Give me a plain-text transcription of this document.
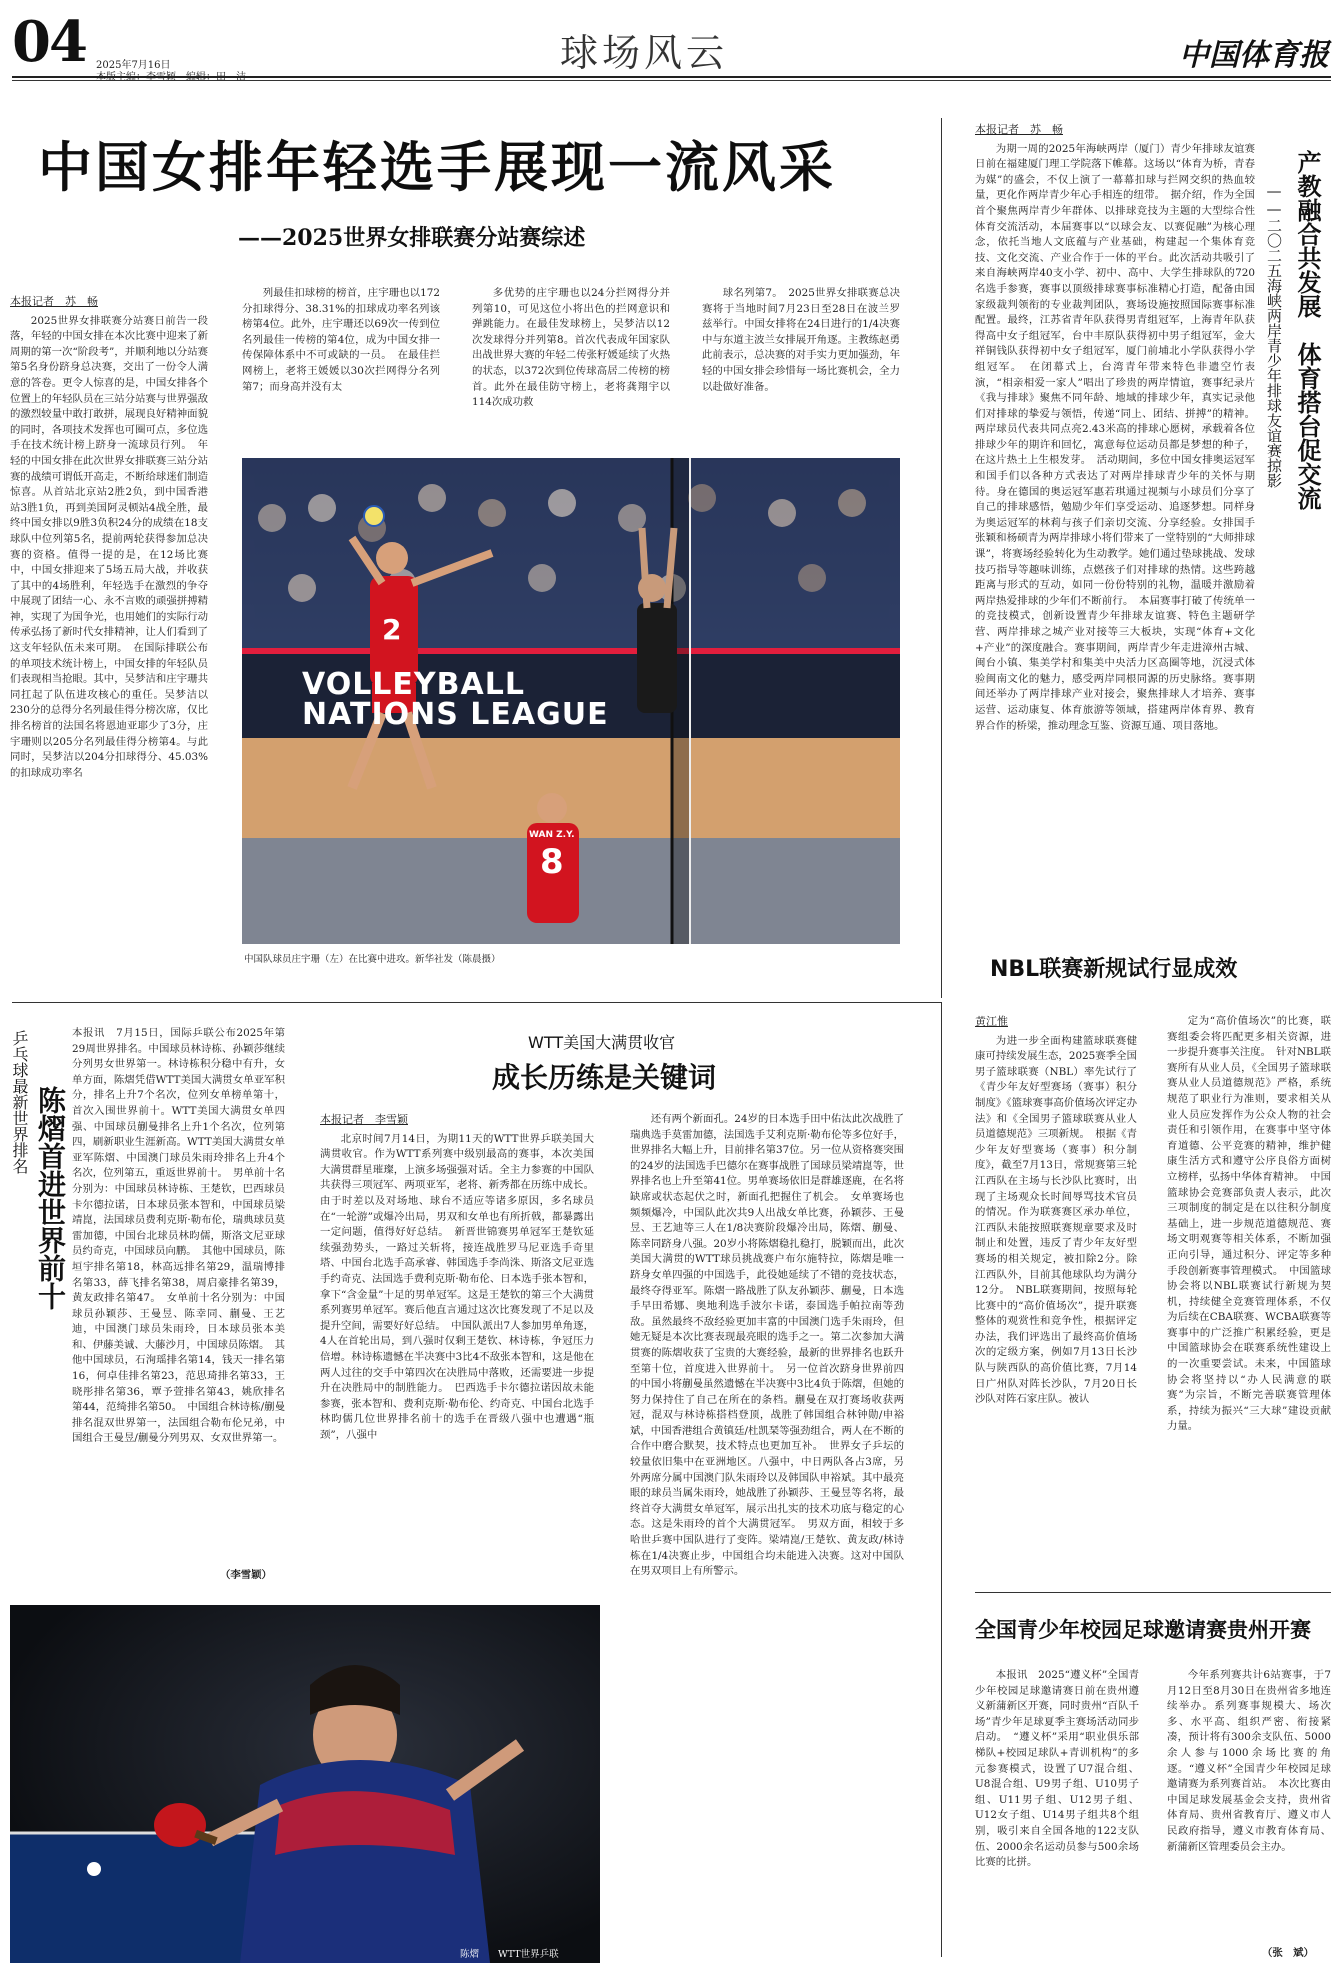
04 2025年7月16日
本版主编：李雪颖　编辑：田　洁
球场风云	中国体育报
中国女排年轻选手展现一流风采
——2025世界女排联赛分站赛综述
本报记者　苏　畅

2025世界女排联赛分站赛日前告一段落，年轻的中国女排在本次比赛中迎来了新周期的第一次“阶段考”，并顺利地以分站赛第5名身份跻身总决赛，交出了一份令人满意的答卷。更令人惊喜的是，中国女排各个位置上的年轻队员在三站分站赛与世界强敌的激烈较量中敢打敢拼，展现良好精神面貌的同时，各项技术发挥也可圈可点，多位选手在技术统计榜上跻身一流球员行列。　年轻的中国女排在此次世界女排联赛三站分站赛的战绩可谓低开高走，不断给球迷们制造惊喜。从首站北京站2胜2负，到中国香港站3胜1负，再到美国阿灵顿站4战全胜，最终中国女排以9胜3负积24分的成绩在18支球队中位列第5名，提前两轮获得参加总决赛的资格。值得一提的是，在12场比赛中，中国女排迎来了5场五局大战，并收获了其中的4场胜利，年轻选手在激烈的争夺中展现了团结一心、永不言败的顽强拼搏精神，实现了为国争光，也用她们的实际行动传承弘扬了新时代女排精神，让人们看到了这支年轻队伍未来可期。　在国际排联公布的单项技术统计榜上，中国女排的年轻队员们表现相当抢眼。其中，吴梦洁和庄宇珊共同扛起了队伍进攻核心的重任。吴梦洁以230分的总得分名列最佳得分榜次席，仅比排名榜首的法国名将恩迪亚耶少了3分，庄宇珊则以205分名列最佳得分榜第4。与此同时，吴梦洁以204分扣球得分、45.03%的扣球成功率名

列最佳扣球榜的榜首，庄宇珊也以172分扣球得分、38.31%的扣球成功率名列该榜第4位。此外，庄宇珊还以69次一传到位名列最佳一传榜的第4位，成为中国女排一传保障体系中不可或缺的一员。　在最佳拦网榜上，老将王媛媛以30次拦网得分名列第7；而身高并没有太

多优势的庄宇珊也以24分拦网得分并列第10，可见这位小将出色的拦网意识和弹跳能力。在最佳发球榜上，吴梦洁以12次发球得分并列第8。首次代表成年国家队出战世界大赛的年轻二传张籽媛延续了火热的状态，以372次到位传球高居二传榜的榜首。此外在最佳防守榜上，老将龚翔宇以114次成功救

球名列第7。　2025世界女排联赛总决赛将于当地时间7月23日至28日在波兰罗兹举行。中国女排将在24日进行的1/4决赛中与东道主波兰女排展开角逐。主教练赵勇此前表示，总决赛的对手实力更加强劲，年轻的中国女排会珍惜每一场比赛机会，全力以赴做好准备。

VOLLEYBALL NATIONS LEAGUE
2
WAN Z.Y.
8
中国队球员庄宇珊（左）在比赛中进攻。新华社发（陈晨摄）
本报记者　苏　畅

为期一周的2025年海峡两岸（厦门）青少年排球友谊赛日前在福建厦门理工学院落下帷幕。这场以“体育为桥，青春为媒”的盛会，不仅上演了一幕幕扣球与拦网交织的热血较量，更化作两岸青少年心手相连的纽带。　据介绍，作为全国首个聚焦两岸青少年群体、以排球竞技为主题的大型综合性体育交流活动，本届赛事以“以球会友、以赛促融”为核心理念，依托当地人文底蕴与产业基础，构建起一个集体育竞技、文化交流、产业合作于一体的平台。此次活动共吸引了来自海峡两岸40支小学、初中、高中、大学生排球队的720名选手参赛，赛事以顶级排球赛事标准精心打造，配备由国家级裁判领衔的专业裁判团队，赛场设施按照国际赛事标准配置。最终，江苏省青年队获得男青组冠军，上海青年队获得高中女子组冠军，台中丰原队获得初中男子组冠军，金大祥铜钱队获得初中女子组冠军，厦门前埔北小学队获得小学组冠军。　在闭幕式上，台湾青年带来特色非遗空竹表演，“相亲相爱一家人”唱出了珍贵的两岸情谊，赛事纪录片《我与排球》聚焦不同年龄、地域的排球少年，真实记录他们对排球的挚爱与领悟，传递“同上、团结、拼搏”的精神。两岸球员代表共同点亮2.43米高的排球心愿树，承载着各位排球少年的期许和回忆，寓意每位运动员都是梦想的种子，在这片热土上生根发芽。　活动期间，多位中国女排奥运冠军和国手们以各种方式表达了对两岸排球青少年的关怀与期待。身在德国的奥运冠军惠若琪通过视频与小球员们分享了自己的排球感悟，勉励少年们享受运动、追逐梦想。同样身为奥运冠军的林莉与孩子们亲切交流、分享经验。女排国手张颖和杨硕青为两岸排球小将们带来了一堂特别的“大师排球课”，将赛场经验转化为生动教学。她们通过垫球挑战、发球技巧指导等趣味训练，点燃孩子们对排球的热情。这些跨越距离与形式的互动，如同一份份特别的礼物，温暖并激励着两岸热爱排球的少年们不断前行。　本届赛事打破了传统单一的竞技模式，创新设置青少年排球友谊赛、特色主题研学营、两岸排球之城产业对接等三大板块，实现“体育+文化+产业”的深度融合。赛事期间，两岸青少年走进漳州古城、闽台小镇、集美学村和集美中央活力区高圈等地，沉浸式体验闽南文化的魅力，感受两岸同根同源的历史脉络。赛事期间还举办了两岸排球产业对接会，聚焦排球人才培养、赛事运营、运动康复、体育旅游等领域，搭建两岸体育界、教育界合作的桥梁，推动理念互鉴、资源互通、项目落地。

产教融合共发展　体育搭台促交流
——二〇二五海峡两岸青少年排球友谊赛掠影
乒乓球最新世界排名 陈熠首进世界前十

本报讯　7月15日，国际乒联公布2025年第29周世界排名。中国球员林诗栋、孙颖莎继续分列男女世界第一。林诗栋积分稳中有升，女单方面，陈熠凭借WTT美国大满贯女单亚军积分，排名上升7个名次，位列女单榜单第十，首次入围世界前十。WTT美国大满贯女单四强、中国球员蒯曼排名上升1个名次，位列第四，刷新职业生涯新高。WTT美国大满贯女单亚军陈熠、中国澳门球员朱雨玲排名上升4个名次，位列第五，重返世界前十。　男单前十名分别为：中国球员林诗栋、王楚钦，巴西球员卡尔德拉诺，日本球员张本智和，中国球员梁靖崑，法国球员费利克斯·勒布伦，瑞典球员莫雷加德，中国台北球员林昀儒，斯洛文尼亚球员约奇克，中国球员向鹏。　其他中国球员，陈垣宇排名第18，林高远排名第29，温瑞博排名第33，薛飞排名第38，周启豪排名第39，黄友政排名第47。　女单前十名分别为：中国球员孙颖莎、王曼昱、陈幸同、蒯曼、王艺迪，中国澳门球员朱雨玲，日本球员张本美和、伊藤美诚、大藤沙月，中国球员陈熠。　其他中国球员，石洵瑶排名第14，钱天一排名第16，何卓佳排名第23，范思琦排名第33，王晓彤排名第36，覃予萱排名第43，姚欣排名第44，范绮排名第50。　中国组合林诗栋/蒯曼排名混双世界第一，法国组合勒布伦兄弟，中国组合王曼昱/蒯曼分列男双、女双世界第一。

（李雪颖）
WTT美国大满贯收官
成长历练是关键词
本报记者　李雪颖

北京时间7月14日，为期11天的WTT世界乒联美国大满贯收官。作为WTT系列赛中级别最高的赛事，本次美国大满贯群星璀璨，上演多场强强对话。全主力参赛的中国队共获得三项冠军、两项亚军，老将、新秀都在历练中成长。由于时差以及对场地、球台不适应等诸多原因，多名球员在“一轮游”或爆冷出局，男双和女单也有所折戟，都暴露出一定问题，值得好好总结。　新晋世锦赛男单冠军王楚钦延续强劲势头，一路过关斩将，接连战胜罗马尼亚选手奇里塔、中国台北选手高承睿、韩国选手李尚洙、斯洛文尼亚选手约奇克、法国选手费利克斯·勒布伦、日本选手张本智和，拿下“含金量”十足的男单冠军。这是王楚钦的第三个大满贯系列赛男单冠军。赛后他直言通过这次比赛发现了不足以及提升空间，需要好好总结。　中国队派出7人参加男单角逐，4人在首轮出局，到八强时仅剩王楚钦、林诗栋，争冠压力倍增。林诗栋遗憾在半决赛中3比4不敌张本智和，这是他在两人过往的交手中第四次在决胜局中落败，还需要进一步提升在决胜局中的制胜能力。　巴西选手卡尔德拉诺因故未能参赛，张本智和、费利克斯·勒布伦、约奇克、中国台北选手林昀儒几位世界排名前十的选手在晋级八强中也遭遇“瓶颈”，八强中

还有两个新面孔。24岁的日本选手田中佑汰此次战胜了瑞典选手莫雷加德，法国选手艾利克斯·勒布伦等多位好手，世界排名大幅上升，目前排名第37位。另一位从资格赛突围的24岁的法国选手巴德尔在赛事战胜了国球员梁靖崑等，世界排名也上升至第41位。男单赛场依旧是群雄逐鹿，在名将缺席或状态起伏之时，新面孔把握住了机会。　女单赛场也频频爆冷，中国队此次共9人出战女单比赛，孙颖莎、王曼昱、王艺迪等三人在1/8决赛阶段爆冷出局，陈熠、蒯曼、陈幸同跻身八强。20岁小将陈熠稳扎稳打，脱颖而出，此次美国大满贯的WTT球员挑战赛户布尔施特拉，陈熠是唯一跻身女单四强的中国选手，此役她延续了不错的竞技状态，最终夺得亚军。陈熠一路战胜了队友孙颖莎、蒯曼，日本选手早田希娜、奥地利选手波尔卡诺，泰国选手帕拉南等劲敌。虽然最终不敌经验更加丰富的中国澳门选手朱雨玲，但她无疑是本次比赛表现最亮眼的选手之一。第二次参加大满贯赛的陈熠收获了宝贵的大赛经验，最新的世界排名也跃升至第十位，首度进入世界前十。　另一位首次跻身世界前四的中国小将蒯曼虽然遗憾在半决赛中3比4负于陈熠，但她的努力保持住了自己在所在的条档。蒯曼在双打赛场收获两冠，混双与林诗栋搭档登顶，战胜了韩国组合林钟勋/申裕斌，中国香港组合黄镇廷/杜凯琹等强劲组合，两人在不断的合作中磨合默契，技术特点也更加互补。　世界女子乒坛的较量依旧集中在亚洲地区。八强中，中日两队各占3席，另外两席分属中国澳门队朱雨玲以及韩国队申裕斌。其中最亮眼的球员当属朱雨玲，她战胜了孙颖莎、王曼昱等名将，最终首夺大满贯女单冠军，展示出扎实的技术功底与稳定的心态。这是朱雨玲的首个大满贯冠军。　男双方面，相较于多哈世乒赛中国队进行了变阵。梁靖崑/王楚钦、黄友政/林诗栋在1/4决赛止步，中国组合均未能进入决赛。这对中国队在男双项目上有所警示。

陈熠　　WTT世界乒联
NBL联赛新规试行显成效
黄江惟

为进一步全面构建篮球联赛健康可持续发展生态，2025赛季全国男子篮球联赛（NBL）率先试行了《青少年友好型赛场（赛事）积分制度》《篮球赛事高价值场次评定办法》和《全国男子篮球联赛从业人员道德规范》三项新规。　根据《青少年友好型赛场（赛事）积分制度》，截至7月13日，常规赛第三轮江西队在主场与长沙队比赛时，出现了主场观众长时间辱骂技术官员的情况。作为联赛赛区承办单位，江西队未能按照联赛规章要求及时制止和处置，违反了青少年友好型赛场的相关规定，被扣除2分。除江西队外，目前其他球队均为满分12分。　NBL联赛期间，按照每轮比赛中的“高价值场次”，提升联赛整体的观赏性和竞争性，根据评定办法，我们评选出了最终高价值场次的定级方案，例如7月13日长沙队与陕西队的高价值比赛，7月14日广州队对阵长沙队，7月20日长沙队对阵石家庄队。被认

定为“高价值场次”的比赛，联赛组委会将匹配更多相关资源，进一步提升赛事关注度。　针对NBL联赛所有从业人员，《全国男子篮球联赛从业人员道德规范》严格，系统规范了职业行为准则，要求相关从业人员应发挥作为公众人物的社会责任和引领作用，在赛事中坚守体育道德、公平竞赛的精神，维护健康生活方式和遵守公序良俗方面树立榜样，弘扬中华体育精神。　中国篮球协会竞赛部负责人表示，此次三项制度的制定是在以往积分制度基础上，进一步规范道德规范、赛场文明观赛等相关体系，不断加强正向引导，通过积分、评定等多种手段创新赛事管理模式。　中国篮球协会将以NBL联赛试行新规为契机，持续健全竞赛管理体系，不仅为后续在CBA联赛、WCBA联赛等赛事中的广泛推广积累经验，更是中国篮球协会在联赛系统性建设上的一次重要尝试。未来，中国篮球协会将坚持以“办人民满意的联赛”为宗旨，不断完善联赛管理体系，持续为振兴“三大球”建设贡献力量。

全国青少年校园足球邀请赛贵州开赛

本报讯　2025“遵义杯”全国青少年校园足球邀请赛日前在贵州遵义新蒲新区开赛，同时贵州“百队千场”青少年足球夏季主赛场活动同步启动。　“遵义杯”采用“职业俱乐部梯队+校园足球队+青训机构”的多元参赛模式，设置了U7混合组、U8混合组、U9男子组、U10男子组、U11男子组、U12男子组、U12女子组、U14男子组共8个组别，吸引来自全国各地的122支队伍、2000余名运动员参与500余场比赛的比拼。

今年系列赛共计6站赛事，于7月12日至8月30日在贵州省多地连续举办。系列赛事规模大、场次多、水平高、组织严密、衔接紧凑，预计将有300余支队伍、5000余人参与1000余场比赛的角逐。“遵义杯”全国青少年校园足球邀请赛为系列赛首站。　本次比赛由中国足球发展基金会支持，贵州省体育局、贵州省教育厅、遵义市人民政府指导，遵义市教育体育局、新蒲新区管理委员会主办。

（张　斌）
